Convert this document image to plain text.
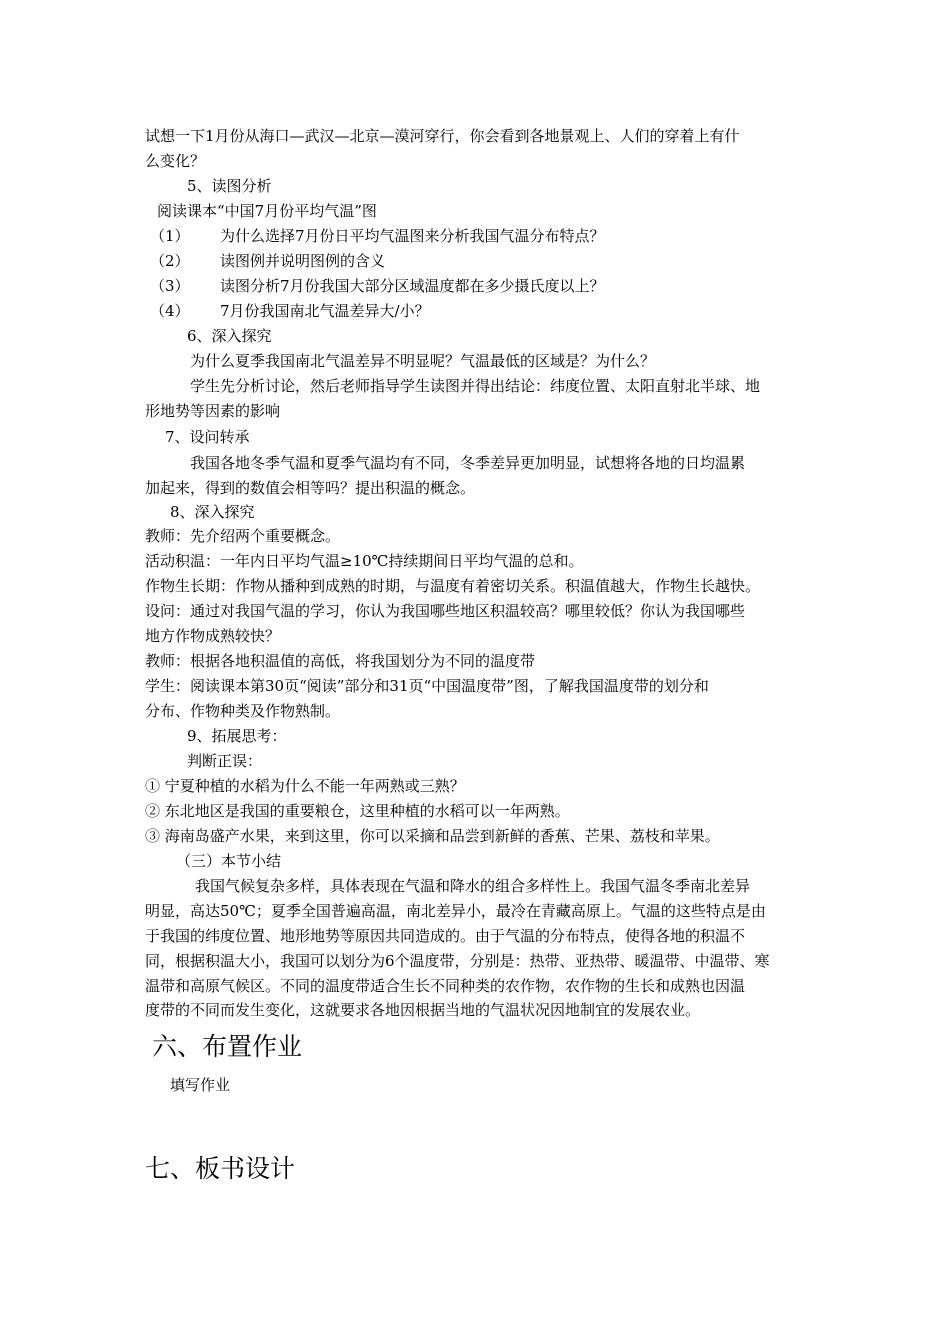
试想一下1月份从海口—武汉—北京—漠河穿行，你会看到各地景观上、人们的穿着上有什
么变化？
5、读图分析
阅读课本“中国7月份平均气温”图
（1） 为什么选择7月份日平均气温图来分析我国气温分布特点？
（2） 读图例并说明图例的含义
（3） 读图分析7月份我国大部分区域温度都在多少摄氏度以上？
（4） 7月份我国南北气温差异大/小？
6、深入探究
为什么夏季我国南北气温差异不明显呢？气温最低的区域是？为什么？
学生先分析讨论，然后老师指导学生读图并得出结论：纬度位置、太阳直射北半球、地
形地势等因素的影响
7、设问转承
我国各地冬季气温和夏季气温均有不同，冬季差异更加明显，试想将各地的日均温累
加起来，得到的数值会相等吗？提出积温的概念。
8、深入探究
教师：先介绍两个重要概念。
活动积温：一年内日平均气温≥10℃持续期间日平均气温的总和。
作物生长期：作物从播种到成熟的时期，与温度有着密切关系。积温值越大，作物生长越快。
设问：通过对我国气温的学习，你认为我国哪些地区积温较高？哪里较低？你认为我国哪些
地方作物成熟较快？
教师：根据各地积温值的高低，将我国划分为不同的温度带
学生：阅读课本第30页“阅读”部分和31页“中国温度带”图，了解我国温度带的划分和
分布、作物种类及作物熟制。
9、拓展思考：
判断正误：
① 宁夏种植的水稻为什么不能一年两熟或三熟？
② 东北地区是我国的重要粮仓，这里种植的水稻可以一年两熟。
③ 海南岛盛产水果，来到这里，你可以采摘和品尝到新鲜的香蕉、芒果、荔枝和苹果。
（三）本节小结
我国气候复杂多样，具体表现在气温和降水的组合多样性上。我国气温冬季南北差异
明显，高达50℃；夏季全国普遍高温，南北差异小，最冷在青藏高原上。气温的这些特点是由
于我国的纬度位置、地形地势等原因共同造成的。由于气温的分布特点，使得各地的积温不
同，根据积温大小，我国可以划分为6个温度带，分别是：热带、亚热带、暖温带、中温带、寒
温带和高原气候区。不同的温度带适合生长不同种类的农作物，农作物的生长和成熟也因温
度带的不同而发生变化，这就要求各地因根据当地的气温状况因地制宜的发展农业。
六、布置作业
填写作业
七、板书设计
